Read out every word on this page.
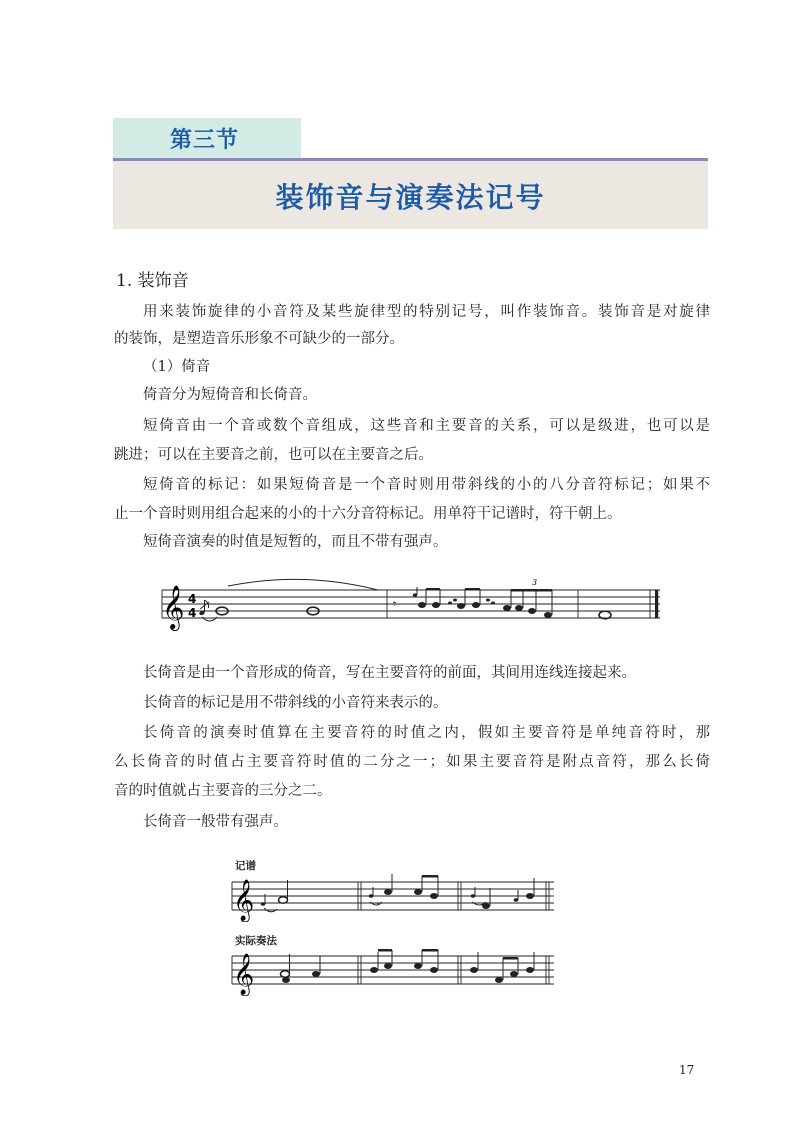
第三节
装饰音与演奏法记号
1. 装饰音

用来装饰旋律的小音符及某些旋律型的特别记号，叫作装饰音。装饰音是对旋律

的装饰，是塑造音乐形象不可缺少的一部分。

（1）倚音

倚音分为短倚音和长倚音。

短倚音由一个音或数个音组成，这些音和主要音的关系，可以是级进，也可以是

跳进；可以在主要音之前，也可以在主要音之后。

短倚音的标记：如果短倚音是一个音时则用带斜线的小的八分音符标记；如果不

止一个音时则用组合起来的小的十六分音符标记。用单符干记谱时，符干朝上。

短倚音演奏的时值是短暂的，而且不带有强声。

𝄞 4
4
𝄾
3

长倚音是由一个音形成的倚音，写在主要音符的前面，其间用连线连接起来。

长倚音的标记是用不带斜线的小音符来表示的。

长倚音的演奏时值算在主要音符的时值之内，假如主要音符是单纯音符时，那

么长倚音的时值占主要音符时值的二分之一；如果主要音符是附点音符，那么长倚

音的时值就占主要音的三分之二。

长倚音一般带有强声。

记谱
𝄞	.
实际奏法
𝄞
17
